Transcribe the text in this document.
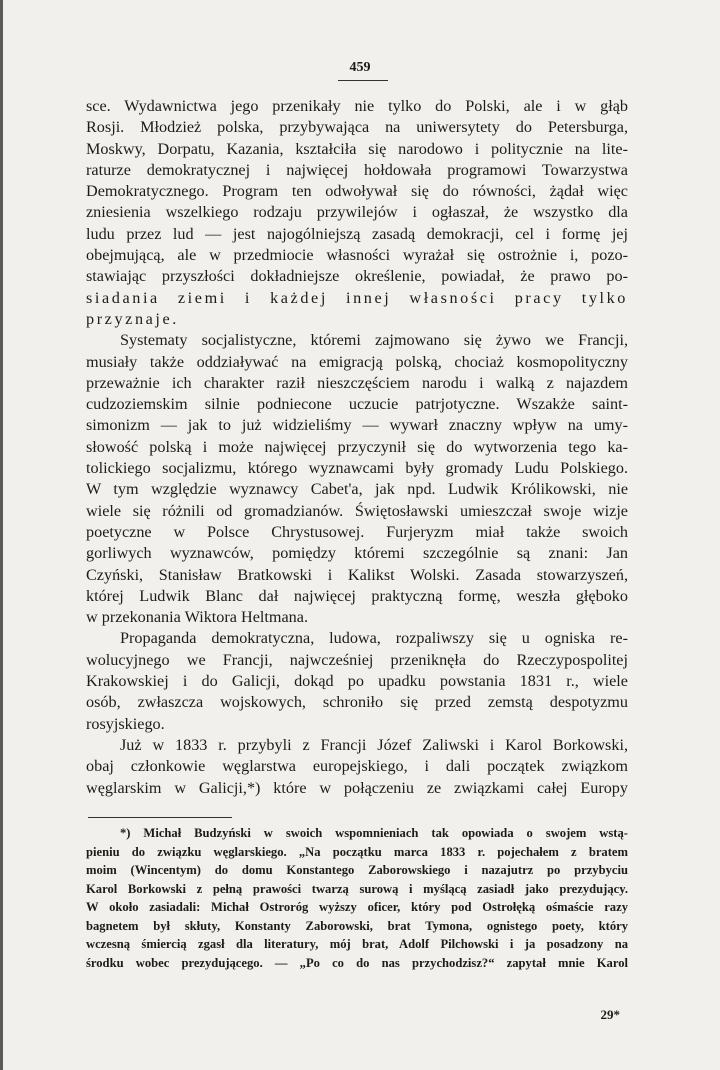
459
sce. Wydawnictwa jego przenikały nie tylko do Polski, ale i w głąb
Rosji. Młodzież polska, przybywająca na uniwersytety do Petersburga,
Moskwy, Dorpatu, Kazania, kształciła się narodowo i politycznie na lite-
raturze demokratycznej i najwięcej hołdowała programowi Towarzystwa
Demokratycznego. Program ten odwoływał się do równości, żądał więc
zniesienia wszelkiego rodzaju przywilejów i ogłaszał, że wszystko dla
ludu przez lud — jest najogólniejszą zasadą demokracji, cel i formę jej
obejmującą, ale w przedmiocie własności wyrażał się ostrożnie i, pozo-
stawiając przyszłości dokładniejsze określenie, powiadał, że prawo po-
siadania ziemi i każdej innej własności pracy tylko
przyznaje.
Systematy socjalistyczne, któremi zajmowano się żywo we Francji,
musiały także oddziaływać na emigracją polską, chociaż kosmopolityczny
przeważnie ich charakter raził nieszczęściem narodu i walką z najazdem
cudzoziemskim silnie podniecone uczucie patrjotyczne. Wszakże saint-
simonizm — jak to już widzieliśmy — wywarł znaczny wpływ na umy-
słowość polską i może najwięcej przyczynił się do wytworzenia tego ka-
tolickiego socjalizmu, którego wyznawcami były gromady Ludu Polskiego.
W tym względzie wyznawcy Cabet'a, jak npd. Ludwik Królikowski, nie
wiele się różnili od gromadzianów. Świętosławski umieszczał swoje wizje
poetyczne w Polsce Chrystusowej. Furjeryzm miał także swoich
gorliwych wyznawców, pomiędzy któremi szczególnie są znani: Jan
Czyński, Stanisław Bratkowski i Kalikst Wolski. Zasada stowarzyszeń,
której Ludwik Blanc dał najwięcej praktyczną formę, weszła głęboko
w przekonania Wiktora Heltmana.
Propaganda demokratyczna, ludowa, rozpaliwszy się u ogniska re-
wolucyjnego we Francji, najwcześniej przeniknęła do Rzeczypospolitej
Krakowskiej i do Galicji, dokąd po upadku powstania 1831 r., wiele
osób, zwłaszcza wojskowych, schroniło się przed zemstą despotyzmu
rosyjskiego.
Już w 1833 r. przybyli z Francji Józef Zaliwski i Karol Borkowski,
obaj członkowie węglarstwa europejskiego, i dali początek związkom
węglarskim w Galicji,*) które w połączeniu ze związkami całej Europy
*) Michał Budzyński w swoich wspomnieniach tak opowiada o swojem wstą-
pieniu do związku węglarskiego. „Na początku marca 1833 r. pojechałem z bratem
moim (Wincentym) do domu Konstantego Zaborowskiego i nazajutrz po przybyciu
Karol Borkowski z pełną prawości twarzą surową i myślącą zasiadł jako prezydujący.
W około zasiadali: Michał Ostroróg wyższy oficer, który pod Ostrołęką ośmaście razy
bagnetem był skłuty, Konstanty Zaborowski, brat Tymona, ognistego poety, który
wczesną śmiercią zgasł dla literatury, mój brat, Adolf Pilchowski i ja posadzony na
środku wobec prezydującego. — „Po co do nas przychodzisz?“ zapytał mnie Karol
29*
